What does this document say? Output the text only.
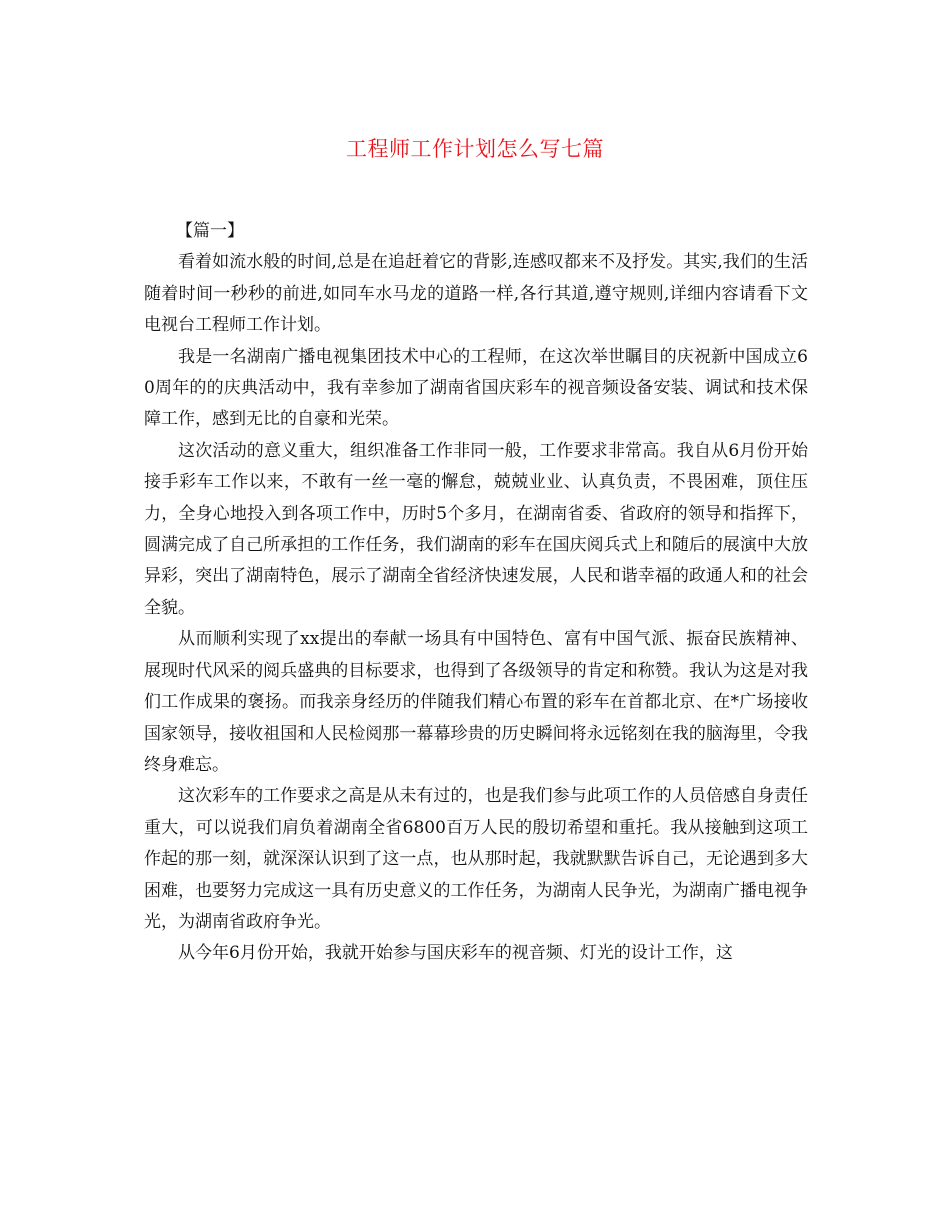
工程师工作计划怎么写七篇

【篇一】

看着如流水般的时间,总是在追赶着它的背影,连感叹都来不及抒发。其实,我们的生活随着时间一秒秒的前进,如同车水马龙的道路一样,各行其道,遵守规则,详细内容请看下文电视台工程师工作计划。

我是一名湖南广播电视集团技术中心的工程师，在这次举世瞩目的庆祝新中国成立60周年的的庆典活动中，我有幸参加了湖南省国庆彩车的视音频设备安装、调试和技术保障工作，感到无比的自豪和光荣。

这次活动的意义重大，组织准备工作非同一般，工作要求非常高。我自从6月份开始接手彩车工作以来，不敢有一丝一毫的懈怠，兢兢业业、认真负责，不畏困难，顶住压力，全身心地投入到各项工作中，历时5个多月，在湖南省委、省政府的领导和指挥下，圆满完成了自己所承担的工作任务，我们湖南的彩车在国庆阅兵式上和随后的展演中大放异彩，突出了湖南特色，展示了湖南全省经济快速发展，人民和谐幸福的政通人和的社会全貌。

从而顺利实现了xx提出的奉献一场具有中国特色、富有中国气派、振奋民族精神、展现时代风采的阅兵盛典的目标要求，也得到了各级领导的肯定和称赞。我认为这是对我们工作成果的褒扬。而我亲身经历的伴随我们精心布置的彩车在首都北京、在*广场接收国家领导，接收祖国和人民检阅那一幕幕珍贵的历史瞬间将永远铭刻在我的脑海里，令我终身难忘。

这次彩车的工作要求之高是从未有过的，也是我们参与此项工作的人员倍感自身责任重大，可以说我们肩负着湖南全省6800百万人民的殷切希望和重托。我从接触到这项工作起的那一刻，就深深认识到了这一点，也从那时起，我就默默告诉自己，无论遇到多大困难，也要努力完成这一具有历史意义的工作任务，为湖南人民争光，为湖南广播电视争光，为湖南省政府争光。

从今年6月份开始，我就开始参与国庆彩车的视音频、灯光的设计工作，这
